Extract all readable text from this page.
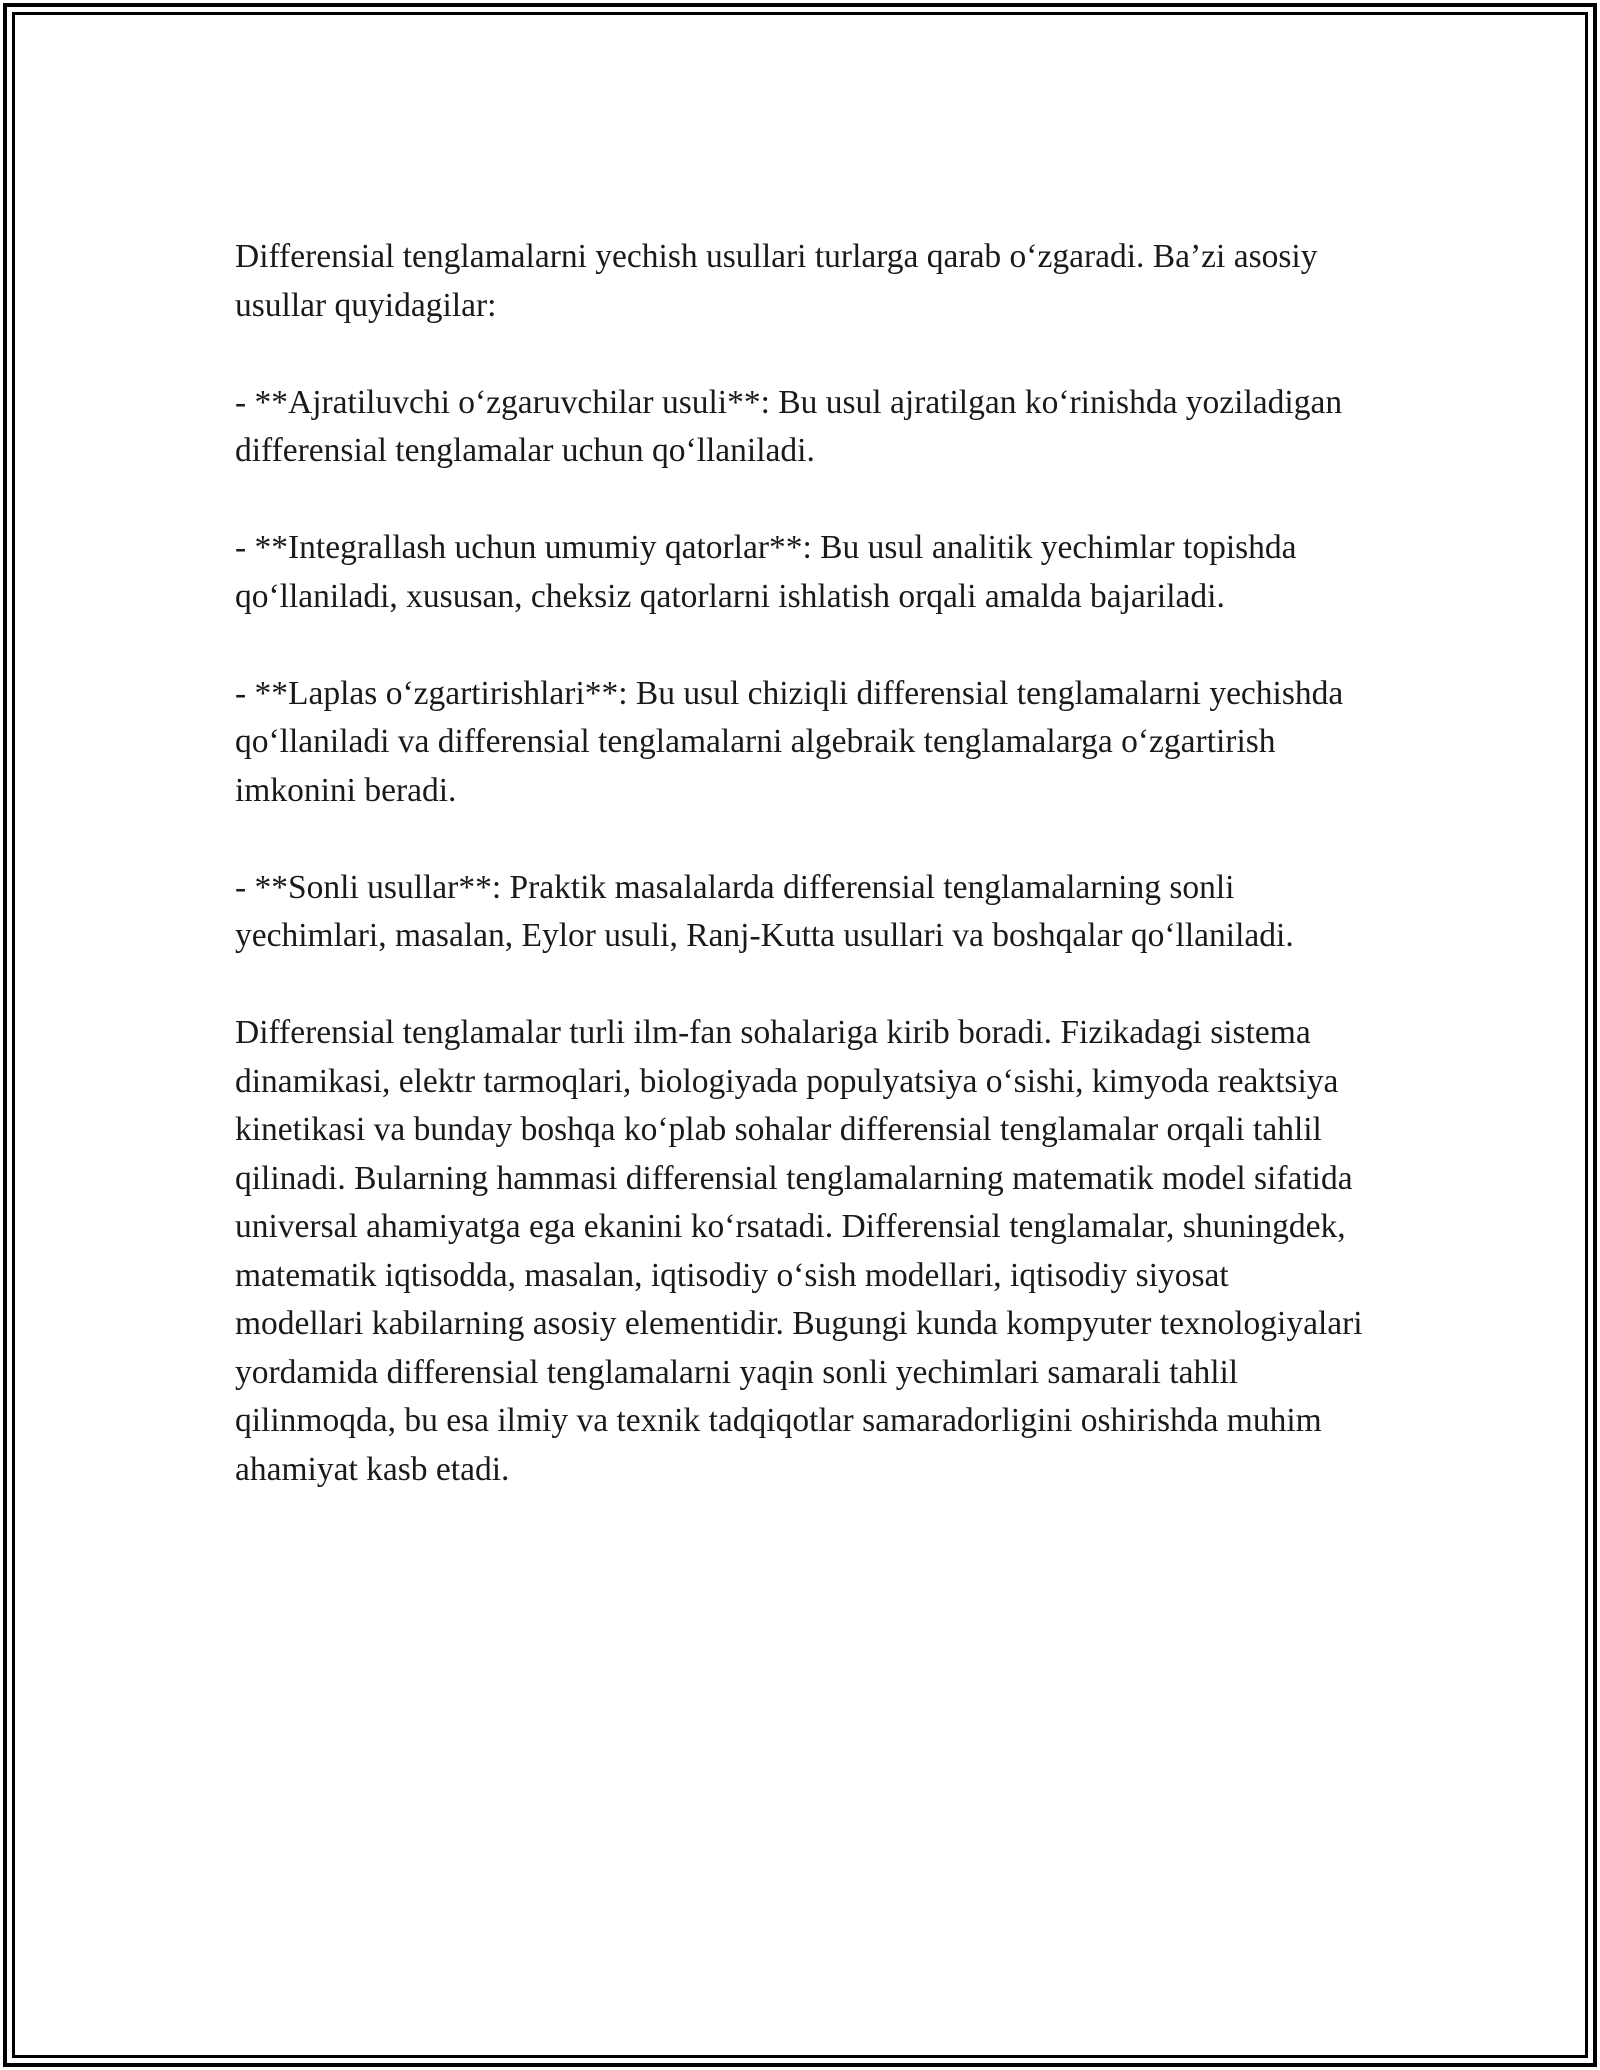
Differensial tenglamalarni yechish usullari turlarga qarab o‘zgaradi. Ba’zi asosiy usullar quyidagilar:

- **Ajratiluvchi o‘zgaruvchilar usuli**: Bu usul ajratilgan ko‘rinishda yoziladigan differensial tenglamalar uchun qo‘llaniladi.

- **Integrallash uchun umumiy qatorlar**: Bu usul analitik yechimlar topishda qo‘llaniladi, xususan, cheksiz qatorlarni ishlatish orqali amalda bajariladi.

- **Laplas o‘zgartirishlari**: Bu usul chiziqli differensial tenglamalarni yechishda qo‘llaniladi va differensial tenglamalarni algebraik tenglamalarga o‘zgartirish imkonini beradi.

- **Sonli usullar**: Praktik masalalarda differensial tenglamalarning sonli yechimlari, masalan, Eylor usuli, Ranj-Kutta usullari va boshqalar qo‘llaniladi.

Differensial tenglamalar turli ilm-fan sohalariga kirib boradi. Fizikadagi sistema dinamikasi, elektr tarmoqlari, biologiyada populyatsiya o‘sishi, kimyoda reaktsiya kinetikasi va bunday boshqa ko‘plab sohalar differensial tenglamalar orqali tahlil qilinadi. Bularning hammasi differensial tenglamalarning matematik model sifatida universal ahamiyatga ega ekanini ko‘rsatadi. Differensial tenglamalar, shuningdek, matematik iqtisodda, masalan, iqtisodiy o‘sish modellari, iqtisodiy siyosat modellari kabilarning asosiy elementidir. Bugungi kunda kompyuter texnologiyalari yordamida differensial tenglamalarni yaqin sonli yechimlari samarali tahlil qilinmoqda, bu esa ilmiy va texnik tadqiqotlar samaradorligini oshirishda muhim ahamiyat kasb etadi.
